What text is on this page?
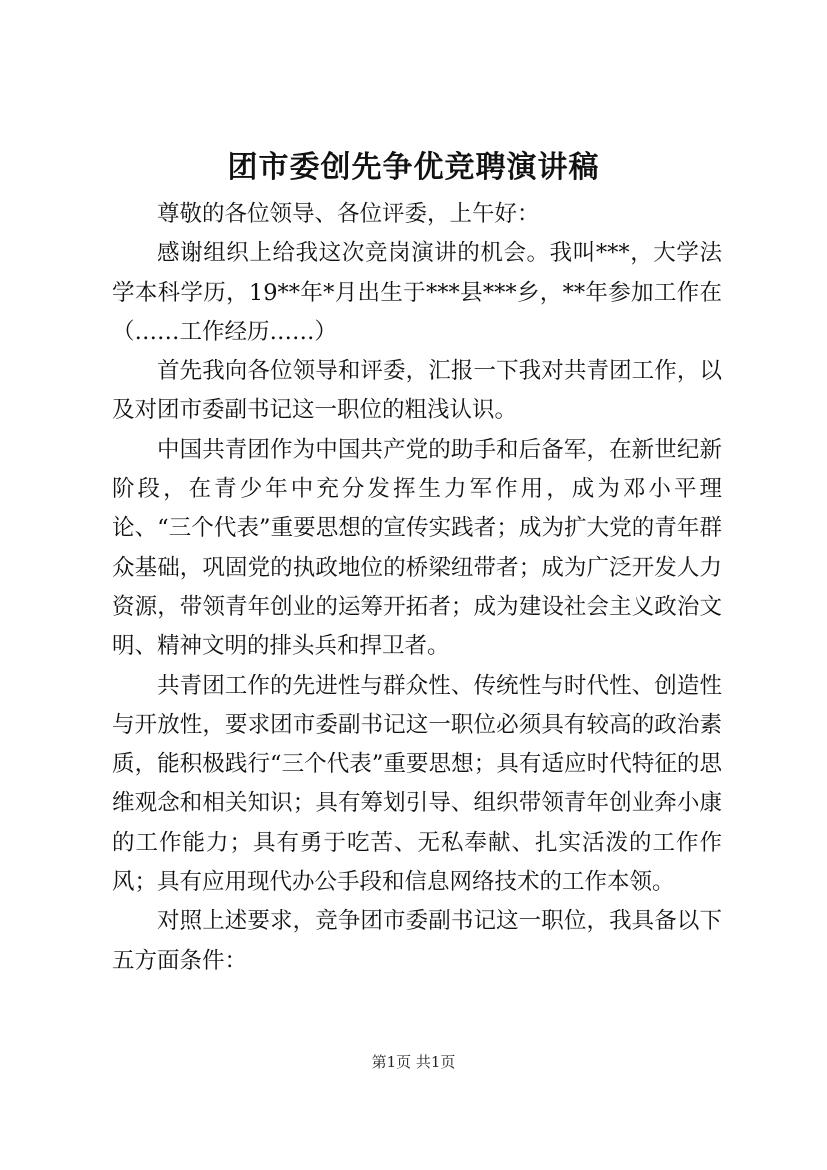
团市委创先争优竞聘演讲稿

尊敬的各位领导、各位评委，上午好：

感谢组织上给我这次竞岗演讲的机会。我叫***，大学法学本科学历，19**年*月出生于***县***乡，**年参加工作在（……工作经历……）

首先我向各位领导和评委，汇报一下我对共青团工作，以及对团市委副书记这一职位的粗浅认识。

中国共青团作为中国共产党的助手和后备军，在新世纪新阶段，在青少年中充分发挥生力军作用，成为邓小平理论、“三个代表”重要思想的宣传实践者；成为扩大党的青年群众基础，巩固党的执政地位的桥梁纽带者；成为广泛开发人力资源，带领青年创业的运筹开拓者；成为建设社会主义政治文明、精神文明的排头兵和捍卫者。

共青团工作的先进性与群众性、传统性与时代性、创造性与开放性，要求团市委副书记这一职位必须具有较高的政治素质，能积极践行“三个代表”重要思想；具有适应时代特征的思维观念和相关知识；具有筹划引导、组织带领青年创业奔小康的工作能力；具有勇于吃苦、无私奉献、扎实活泼的工作作风；具有应用现代办公手段和信息网络技术的工作本领。

对照上述要求，竞争团市委副书记这一职位，我具备以下五方面条件：

第1页 共1页
